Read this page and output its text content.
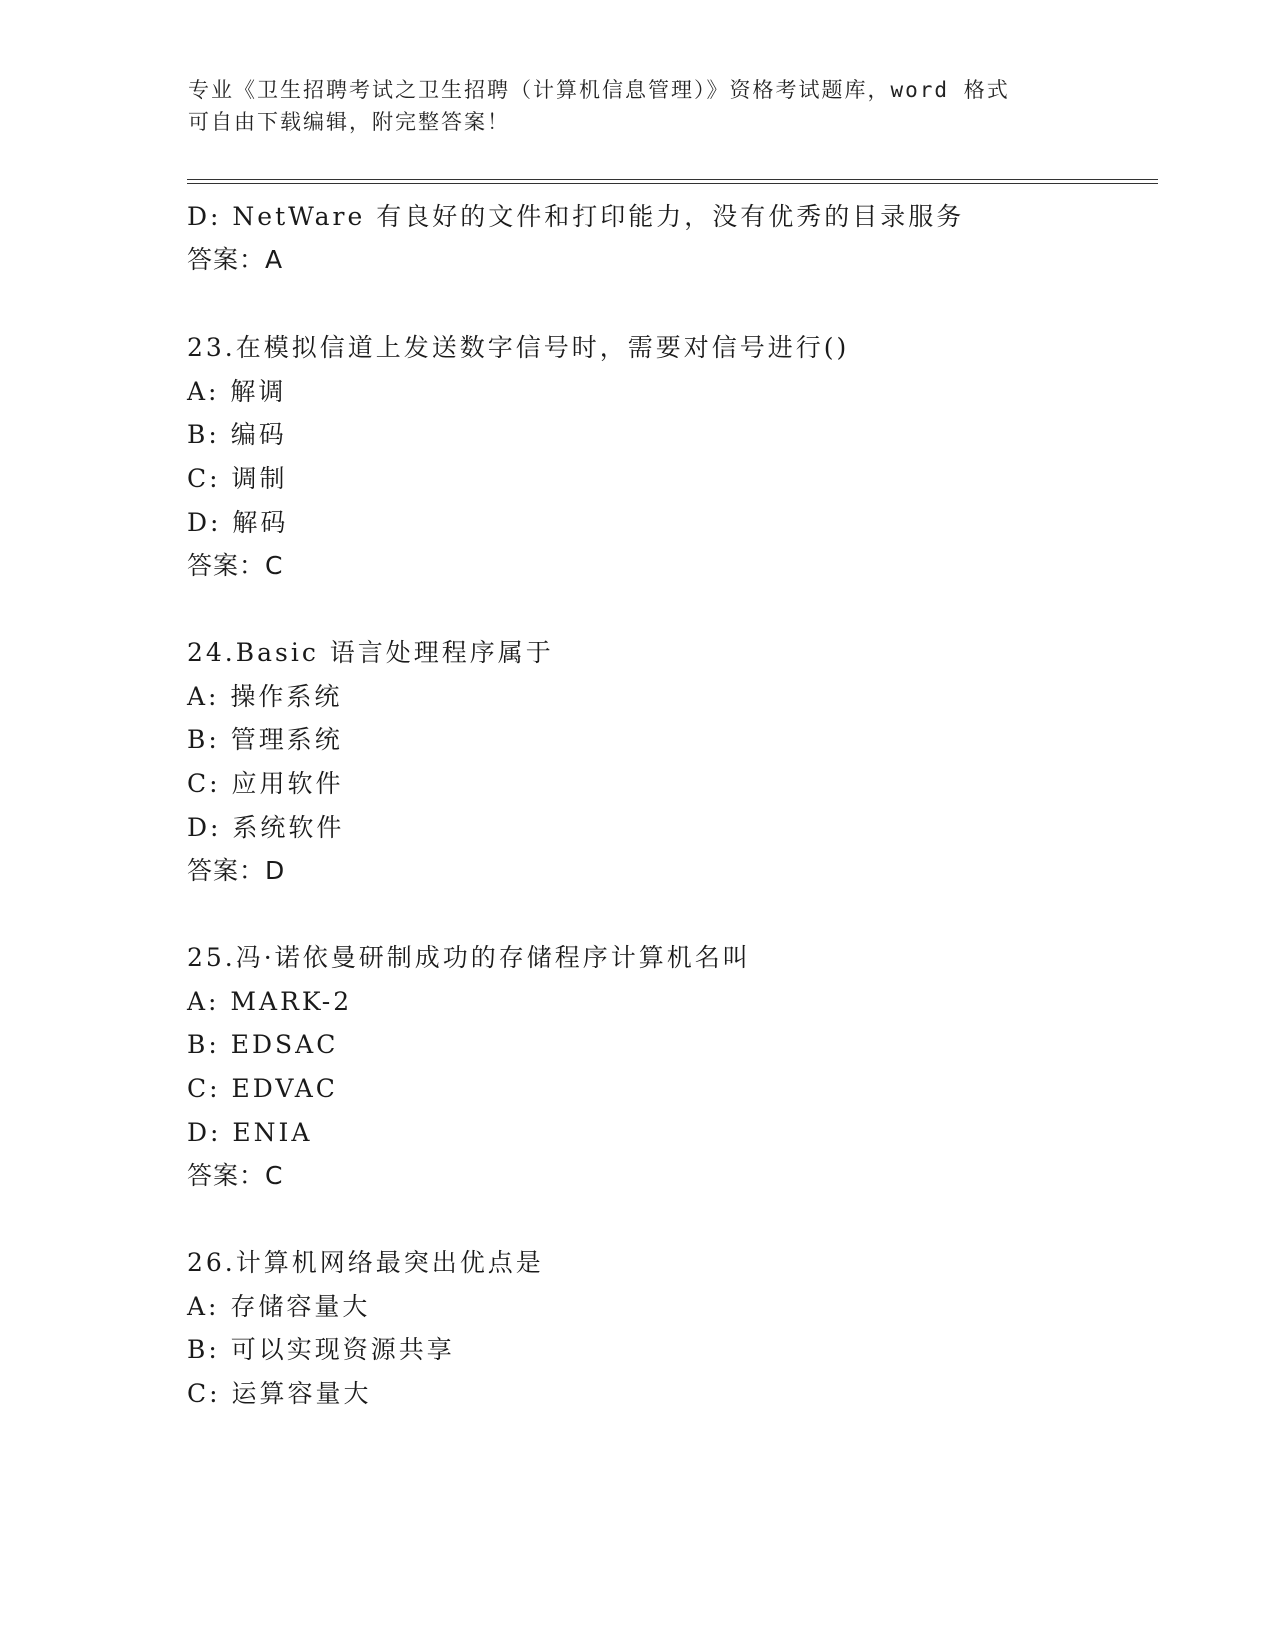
专业《卫生招聘考试之卫生招聘（计算机信息管理）》资格考试题库，word 格式
可自由下载编辑，附完整答案！
D: NetWare 有良好的文件和打印能力，没有优秀的目录服务
答案：A
23.在模拟信道上发送数字信号时，需要对信号进行()
A: 解调
B: 编码
C: 调制
D: 解码
答案：C
24.Basic 语言处理程序属于
A: 操作系统
B: 管理系统
C: 应用软件
D: 系统软件
答案：D
25.冯·诺依曼研制成功的存储程序计算机名叫
A: MARK-2
B: EDSAC
C: EDVAC
D: ENIA
答案：C
26.计算机网络最突出优点是
A: 存储容量大
B: 可以实现资源共享
C: 运算容量大
